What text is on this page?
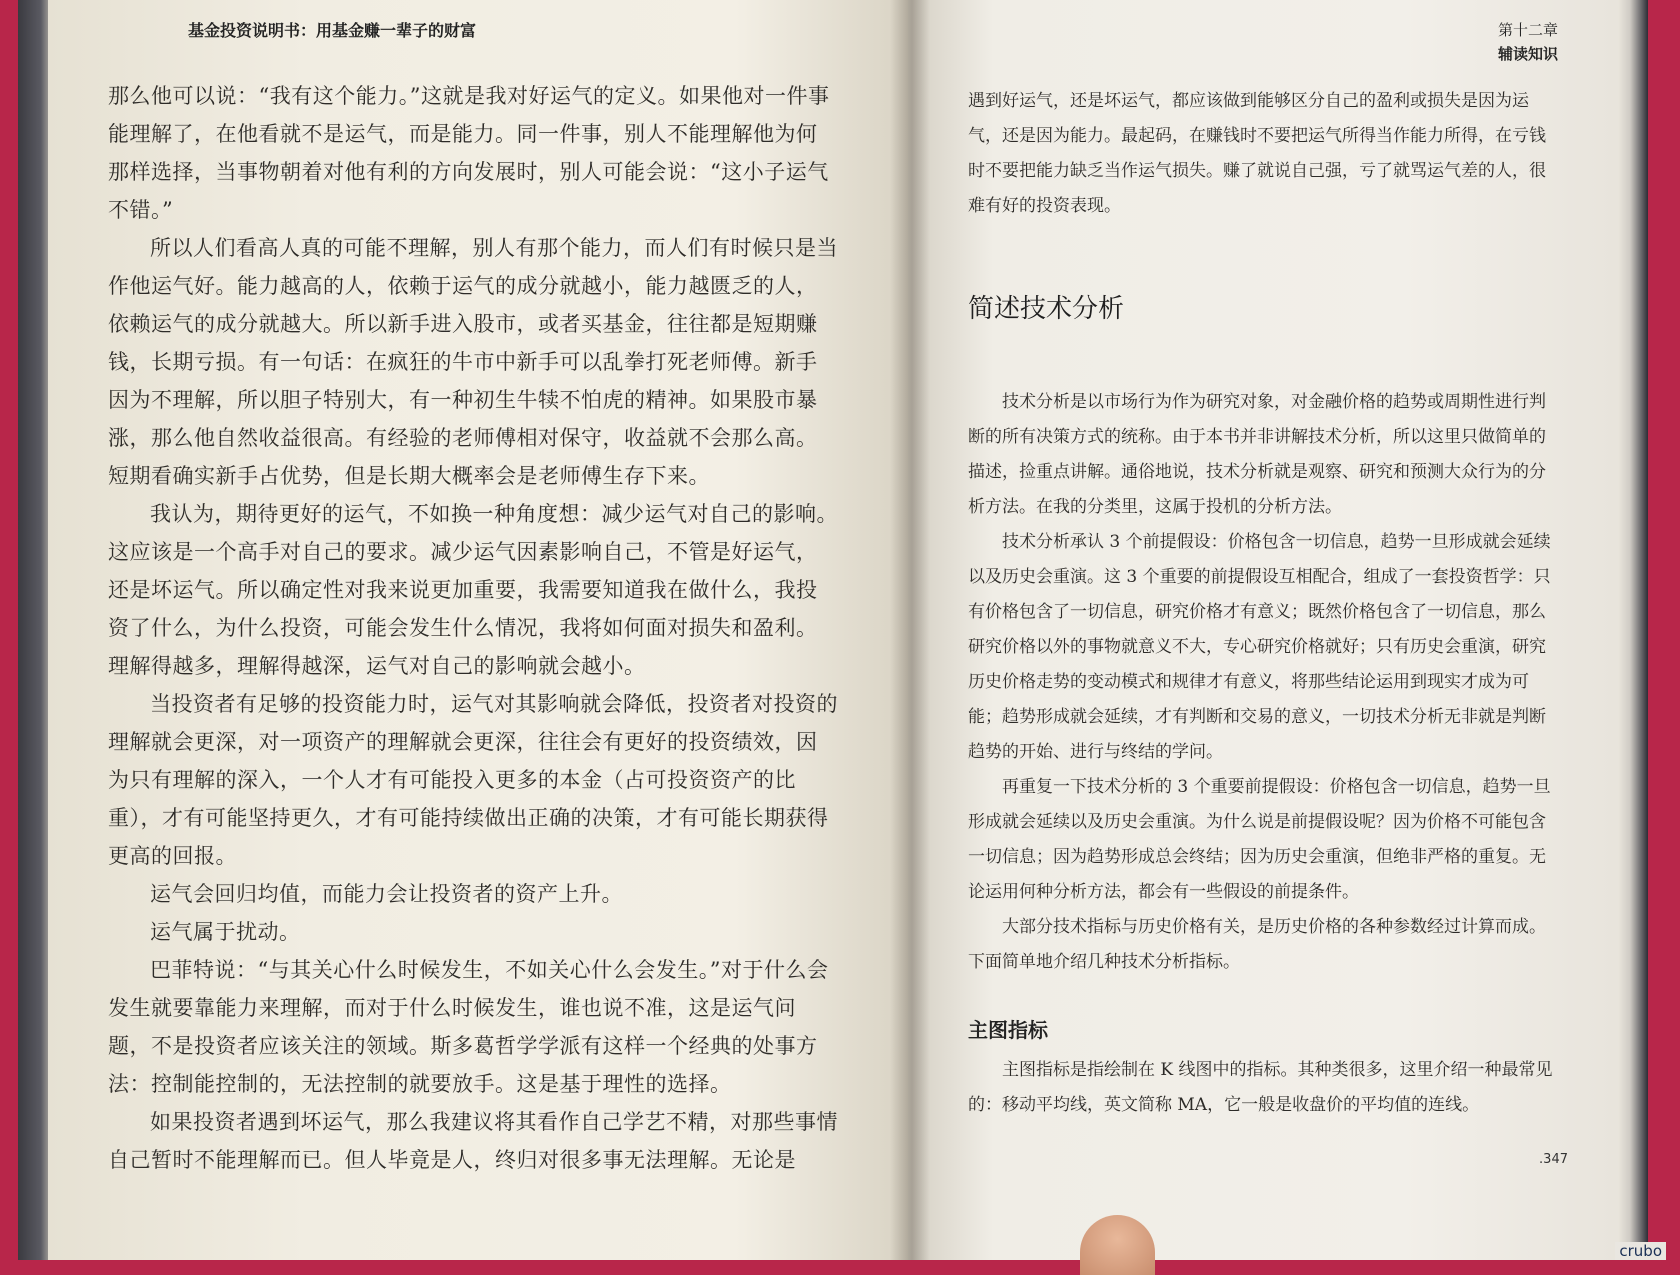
基金投资说明书：用基金赚一辈子的财富

那么他可以说：“我有这个能力。”这就是我对好运气的定义。如果他对一件事能理解了，在他看就不是运气，而是能力。同一件事，别人不能理解他为何那样选择，当事物朝着对他有利的方向发展时，别人可能会说：“这小子运气不错。”

所以人们看高人真的可能不理解，别人有那个能力，而人们有时候只是当作他运气好。能力越高的人，依赖于运气的成分就越小，能力越匮乏的人，依赖运气的成分就越大。所以新手进入股市，或者买基金，往往都是短期赚钱，长期亏损。有一句话：在疯狂的牛市中新手可以乱拳打死老师傅。新手因为不理解，所以胆子特别大，有一种初生牛犊不怕虎的精神。如果股市暴涨，那么他自然收益很高。有经验的老师傅相对保守，收益就不会那么高。短期看确实新手占优势，但是长期大概率会是老师傅生存下来。

我认为，期待更好的运气，不如换一种角度想：减少运气对自己的影响。这应该是一个高手对自己的要求。减少运气因素影响自己，不管是好运气，还是坏运气。所以确定性对我来说更加重要，我需要知道我在做什么，我投资了什么，为什么投资，可能会发生什么情况，我将如何面对损失和盈利。理解得越多，理解得越深，运气对自己的影响就会越小。

当投资者有足够的投资能力时，运气对其影响就会降低，投资者对投资的理解就会更深，对一项资产的理解就会更深，往往会有更好的投资绩效，因为只有理解的深入，一个人才有可能投入更多的本金（占可投资资产的比重），才有可能坚持更久，才有可能持续做出正确的决策，才有可能长期获得更高的回报。

运气会回归均值，而能力会让投资者的资产上升。

运气属于扰动。

巴菲特说：“与其关心什么时候发生，不如关心什么会发生。”对于什么会发生就要靠能力来理解，而对于什么时候发生，谁也说不准，这是运气问题，不是投资者应该关注的领域。斯多葛哲学学派有这样一个经典的处事方法：控制能控制的，无法控制的就要放手。这是基于理性的选择。

如果投资者遇到坏运气，那么我建议将其看作自己学艺不精，对那些事情自己暂时不能理解而已。但人毕竟是人，终归对很多事无法理解。无论是

第十二章
辅读知识

遇到好运气，还是坏运气，都应该做到能够区分自己的盈利或损失是因为运气，还是因为能力。最起码，在赚钱时不要把运气所得当作能力所得，在亏钱时不要把能力缺乏当作运气损失。赚了就说自己强，亏了就骂运气差的人，很难有好的投资表现。

简述技术分析

技术分析是以市场行为作为研究对象，对金融价格的趋势或周期性进行判断的所有决策方式的统称。由于本书并非讲解技术分析，所以这里只做简单的描述，捡重点讲解。通俗地说，技术分析就是观察、研究和预测大众行为的分析方法。在我的分类里，这属于投机的分析方法。

技术分析承认 3 个前提假设：价格包含一切信息，趋势一旦形成就会延续以及历史会重演。这 3 个重要的前提假设互相配合，组成了一套投资哲学：只有价格包含了一切信息，研究价格才有意义；既然价格包含了一切信息，那么研究价格以外的事物就意义不大，专心研究价格就好；只有历史会重演，研究历史价格走势的变动模式和规律才有意义，将那些结论运用到现实才成为可能；趋势形成就会延续，才有判断和交易的意义，一切技术分析无非就是判断趋势的开始、进行与终结的学问。

再重复一下技术分析的 3 个重要前提假设：价格包含一切信息，趋势一旦形成就会延续以及历史会重演。为什么说是前提假设呢？因为价格不可能包含一切信息；因为趋势形成总会终结；因为历史会重演，但绝非严格的重复。无论运用何种分析方法，都会有一些假设的前提条件。

大部分技术指标与历史价格有关，是历史价格的各种参数经过计算而成。下面简单地介绍几种技术分析指标。

主图指标

主图指标是指绘制在 K 线图中的指标。其种类很多，这里介绍一种最常见的：移动平均线，英文简称 MA，它一般是收盘价的平均值的连线。

.347
crubo
